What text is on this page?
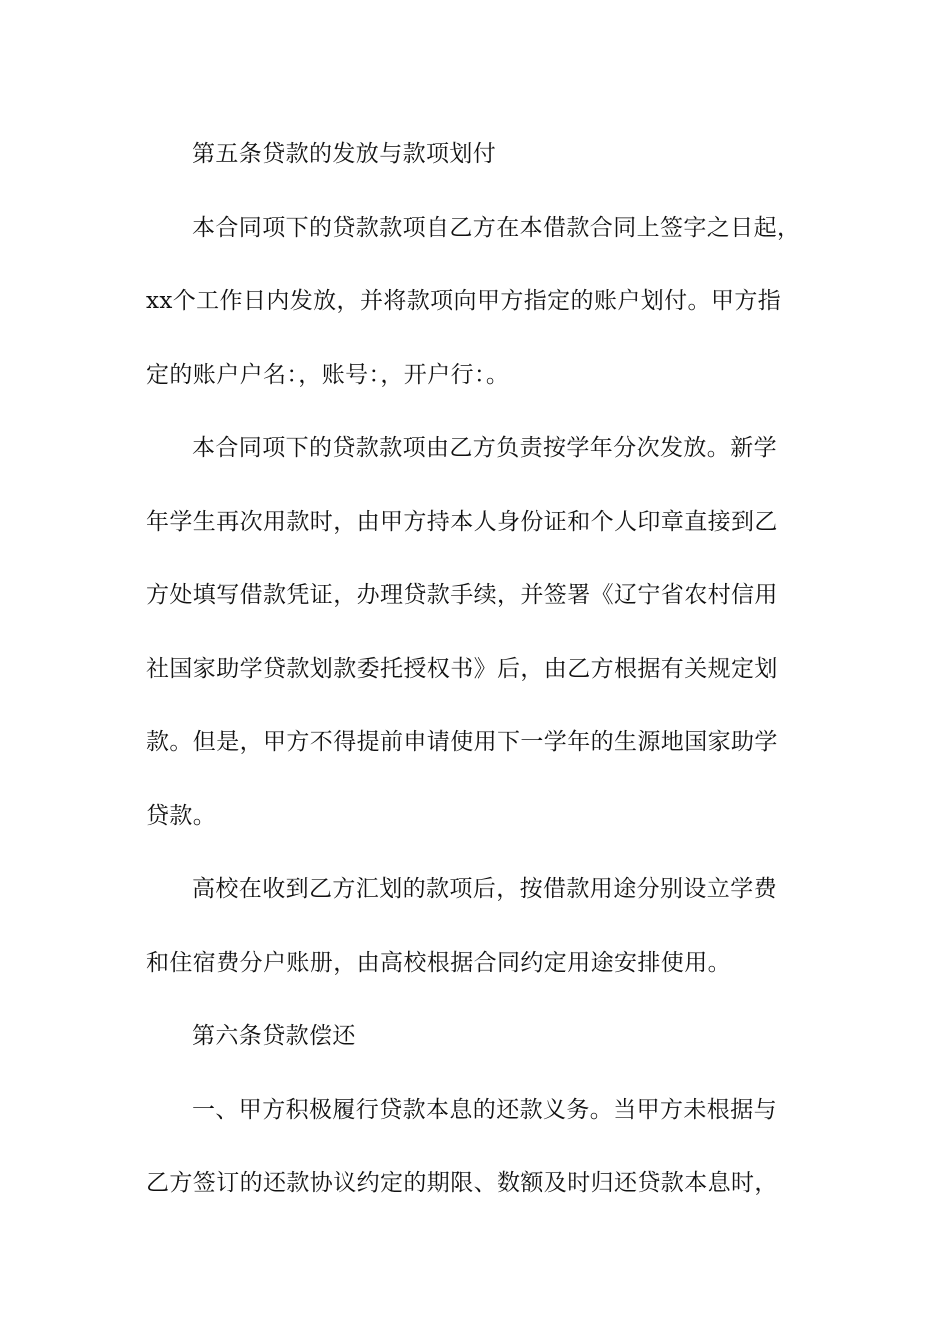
第五条贷款的发放与款项划付
本合同项下的贷款款项自乙方在本借款合同上签字之日起，
xx个工作日内发放，并将款项向甲方指定的账户划付。甲方指
定的账户户名：，账号：，开户行：。
本合同项下的贷款款项由乙方负责按学年分次发放。新学
年学生再次用款时，由甲方持本人身份证和个人印章直接到乙
方处填写借款凭证，办理贷款手续，并签署《辽宁省农村信用
社国家助学贷款划款委托授权书》后，由乙方根据有关规定划
款。但是，甲方不得提前申请使用下一学年的生源地国家助学
贷款。
高校在收到乙方汇划的款项后，按借款用途分别设立学费
和住宿费分户账册，由高校根据合同约定用途安排使用。
第六条贷款偿还
一、甲方积极履行贷款本息的还款义务。当甲方未根据与
乙方签订的还款协议约定的期限、数额及时归还贷款本息时，
